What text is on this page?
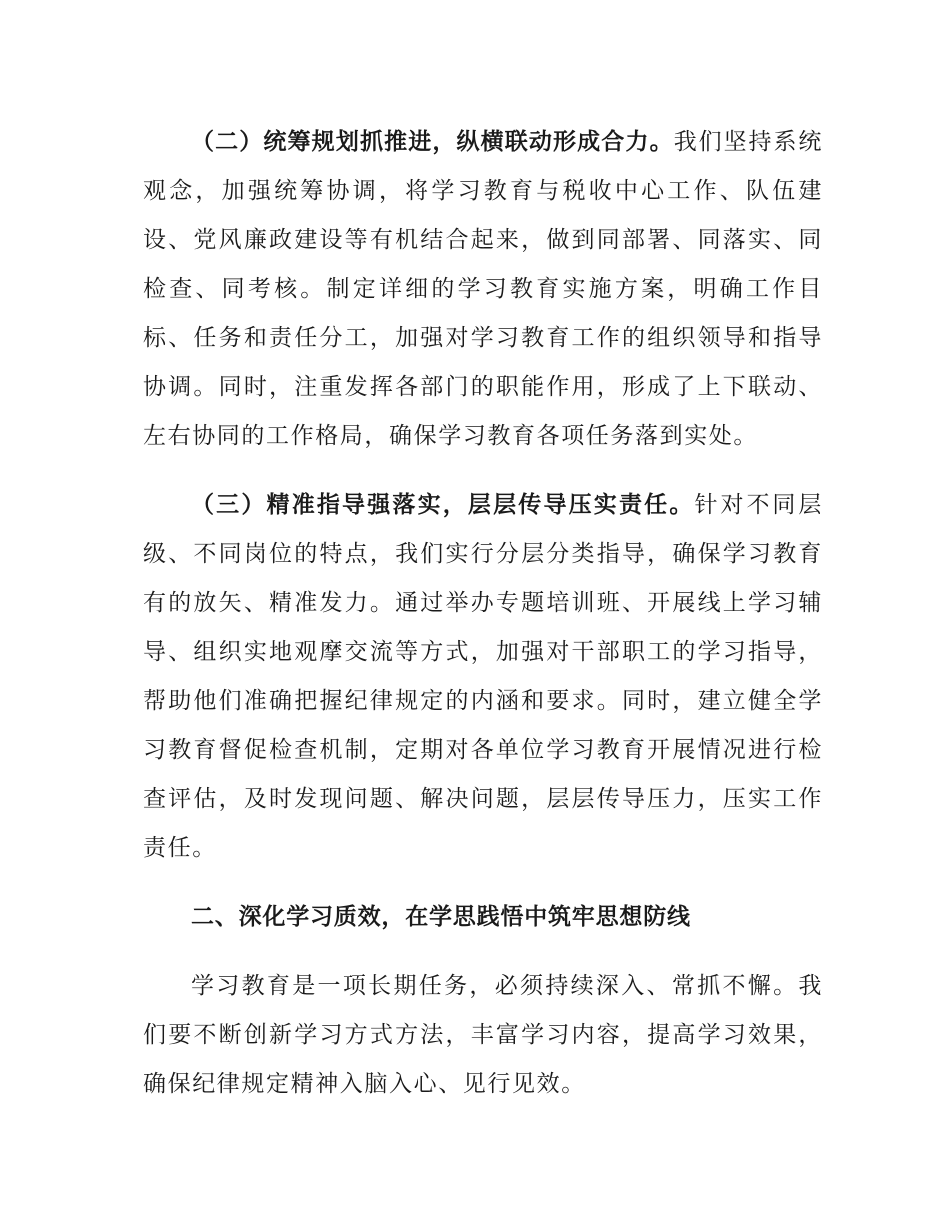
（二）统筹规划抓推进，纵横联动形成合力。我们坚持系统观念，加强统筹协调，将学习教育与税收中心工作、队伍建设、党风廉政建设等有机结合起来，做到同部署、同落实、同检查、同考核。制定详细的学习教育实施方案，明确工作目标、任务和责任分工，加强对学习教育工作的组织领导和指导协调。同时，注重发挥各部门的职能作用，形成了上下联动、左右协同的工作格局，确保学习教育各项任务落到实处。

（三）精准指导强落实，层层传导压实责任。针对不同层级、不同岗位的特点，我们实行分层分类指导，确保学习教育有的放矢、精准发力。通过举办专题培训班、开展线上学习辅导、组织实地观摩交流等方式，加强对干部职工的学习指导，帮助他们准确把握纪律规定的内涵和要求。同时，建立健全学习教育督促检查机制，定期对各单位学习教育开展情况进行检查评估，及时发现问题、解决问题，层层传导压力，压实工作责任。

二、深化学习质效，在学思践悟中筑牢思想防线

学习教育是一项长期任务，必须持续深入、常抓不懈。我们要不断创新学习方式方法，丰富学习内容，提高学习效果，确保纪律规定精神入脑入心、见行见效。
